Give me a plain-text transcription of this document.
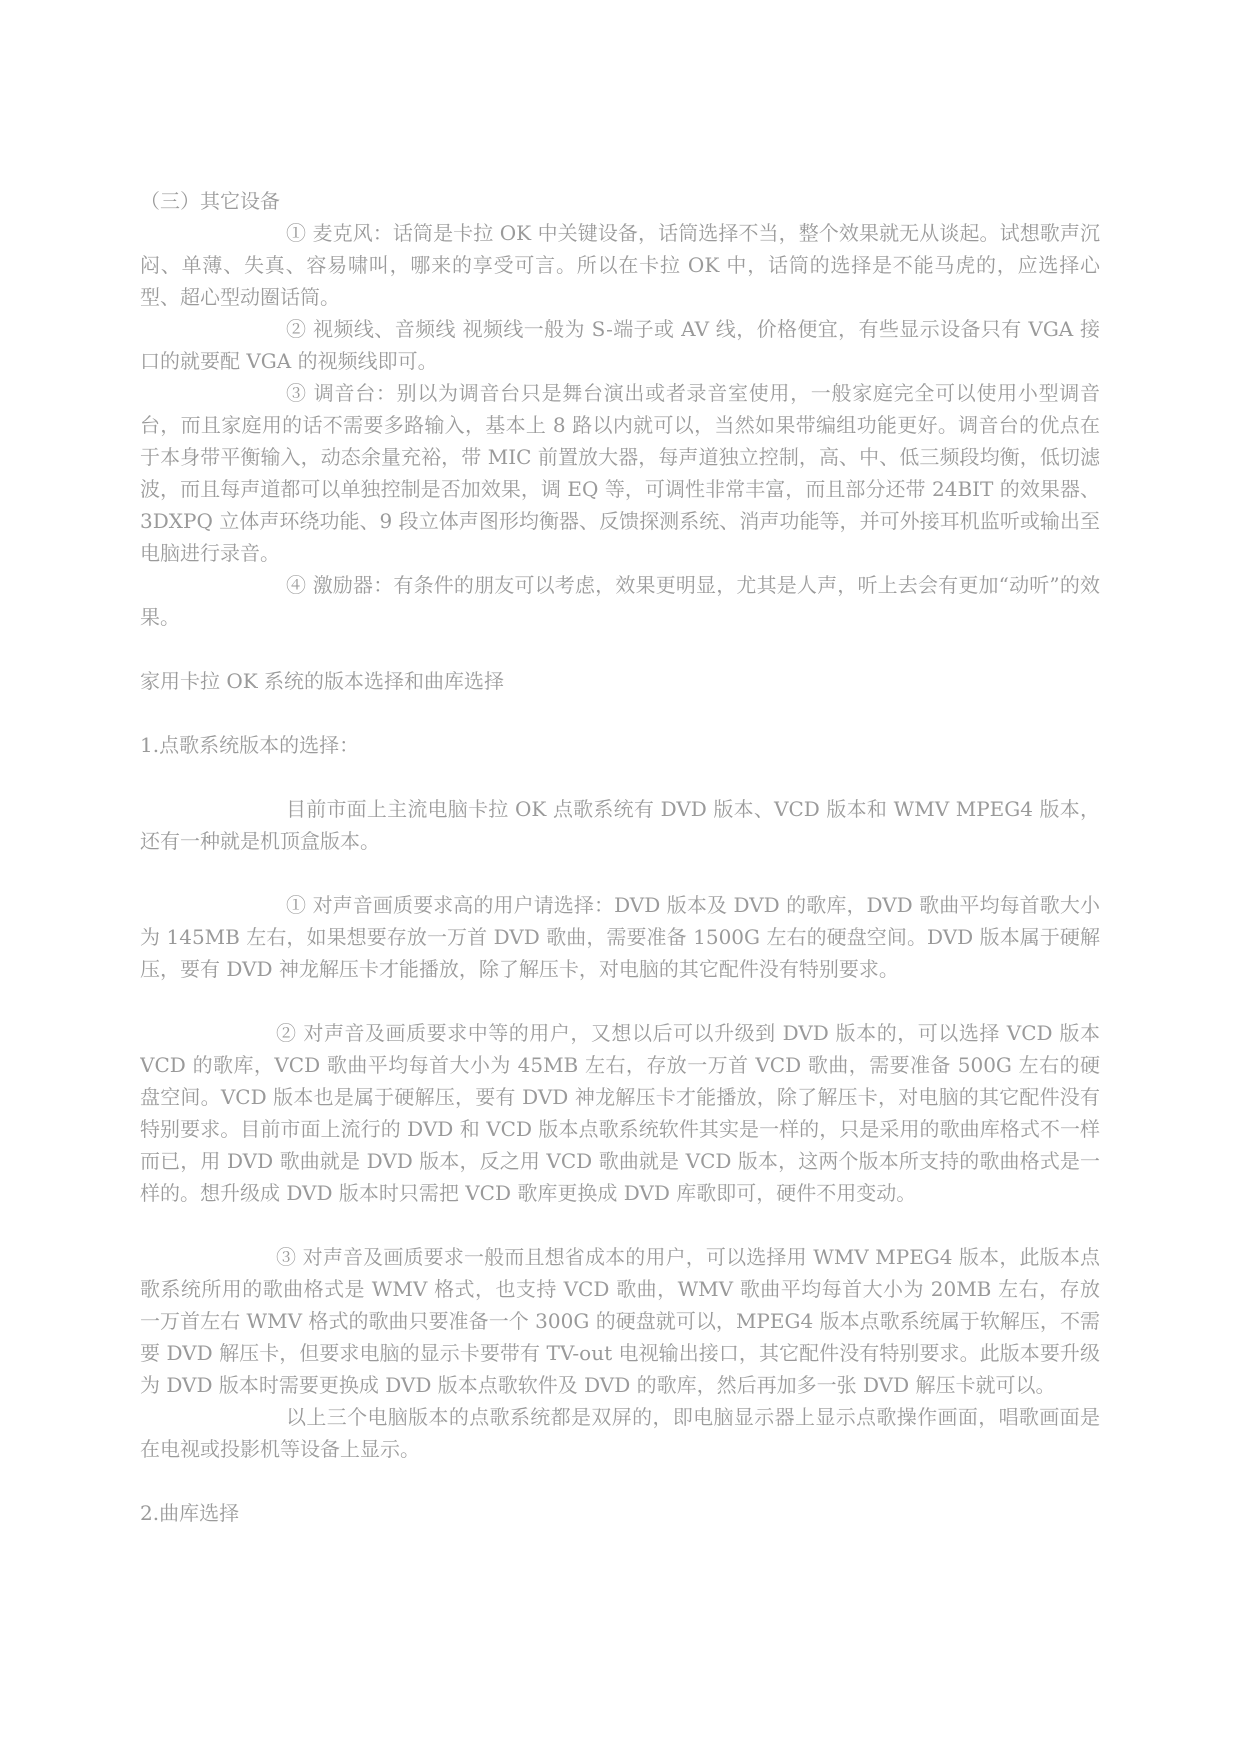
（三）其它设备

① 麦克风：话筒是卡拉 OK 中关键设备，话筒选择不当，整个效果就无从谈起。试想歌声沉闷、单薄、失真、容易啸叫，哪来的享受可言。所以在卡拉 OK 中，话筒的选择是不能马虎的，应选择心型、超心型动圈话筒。

② 视频线、音频线 视频线一般为 S-端子或 AV 线，价格便宜，有些显示设备只有 VGA 接口的就要配 VGA 的视频线即可。

③ 调音台：别以为调音台只是舞台演出或者录音室使用，一般家庭完全可以使用小型调音台，而且家庭用的话不需要多路输入，基本上 8 路以内就可以，当然如果带编组功能更好。调音台的优点在于本身带平衡输入，动态余量充裕，带 MIC 前置放大器，每声道独立控制，高、中、低三频段均衡，低切滤波，而且每声道都可以单独控制是否加效果，调 EQ 等，可调性非常丰富，而且部分还带 24BIT 的效果器、3DXPQ 立体声环绕功能、9 段立体声图形均衡器、反馈探测系统、消声功能等，并可外接耳机监听或输出至电脑进行录音。

④ 激励器：有条件的朋友可以考虑，效果更明显，尤其是人声，听上去会有更加“动听”的效果。

家用卡拉 OK 系统的版本选择和曲库选择

1.点歌系统版本的选择：

目前市面上主流电脑卡拉 OK 点歌系统有 DVD 版本、VCD 版本和 WMV MPEG4 版本，还有一种就是机顶盒版本。

① 对声音画质要求高的用户请选择：DVD 版本及 DVD 的歌库，DVD 歌曲平均每首歌大小为 145MB 左右，如果想要存放一万首 DVD 歌曲，需要准备 1500G 左右的硬盘空间。DVD 版本属于硬解压，要有 DVD 神龙解压卡才能播放，除了解压卡，对电脑的其它配件没有特别要求。

② 对声音及画质要求中等的用户，又想以后可以升级到 DVD 版本的，可以选择 VCD 版本 VCD 的歌库，VCD 歌曲平均每首大小为 45MB 左右，存放一万首 VCD 歌曲，需要准备 500G 左右的硬盘空间。VCD 版本也是属于硬解压，要有 DVD 神龙解压卡才能播放，除了解压卡，对电脑的其它配件没有特别要求。目前市面上流行的 DVD 和 VCD 版本点歌系统软件其实是一样的，只是采用的歌曲库格式不一样而已，用 DVD 歌曲就是 DVD 版本，反之用 VCD 歌曲就是 VCD 版本，这两个版本所支持的歌曲格式是一样的。想升级成 DVD 版本时只需把 VCD 歌库更换成 DVD 库歌即可，硬件不用变动。

③ 对声音及画质要求一般而且想省成本的用户，可以选择用 WMV MPEG4 版本，此版本点歌系统所用的歌曲格式是 WMV 格式，也支持 VCD 歌曲，WMV 歌曲平均每首大小为 20MB 左右，存放一万首左右 WMV 格式的歌曲只要准备一个 300G 的硬盘就可以，MPEG4 版本点歌系统属于软解压，不需要 DVD 解压卡，但要求电脑的显示卡要带有 TV-out 电视输出接口，其它配件没有特别要求。此版本要升级为 DVD 版本时需要更换成 DVD 版本点歌软件及 DVD 的歌库，然后再加多一张 DVD 解压卡就可以。

以上三个电脑版本的点歌系统都是双屏的，即电脑显示器上显示点歌操作画面，唱歌画面是在电视或投影机等设备上显示。

2.曲库选择
